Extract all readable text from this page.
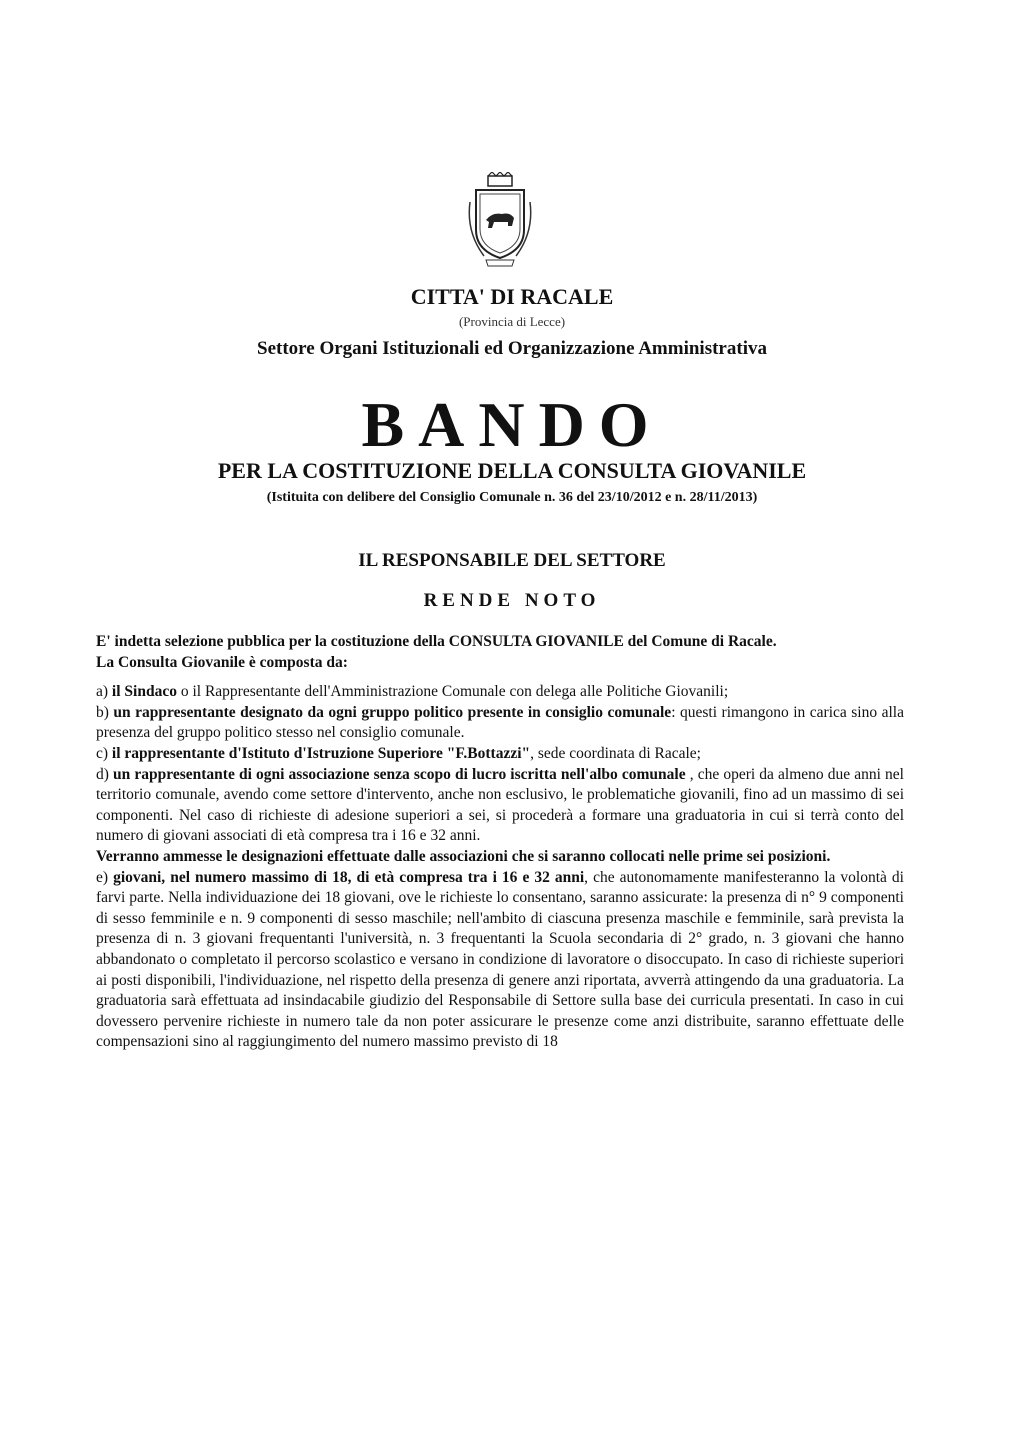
CITTA' DI RACALE
(Provincia di Lecce)
Settore Organi Istituzionali ed Organizzazione Amministrativa
BANDO
PER LA COSTITUZIONE DELLA CONSULTA GIOVANILE
(Istituita con delibere del Consiglio Comunale n. 36 del 23/10/2012 e n. 28/11/2013)
IL RESPONSABILE DEL SETTORE
RENDE NOTO

E' indetta selezione pubblica per la costituzione della CONSULTA GIOVANILE del Comune di Racale.

La Consulta Giovanile è composta da:

a) il Sindaco o il Rappresentante dell'Amministrazione Comunale con delega alle Politiche Giovanili;

b) un rappresentante designato da ogni gruppo politico presente in consiglio comunale: questi rimangono in carica sino alla presenza del gruppo politico stesso nel consiglio comunale.

c) il rappresentante d'Istituto d'Istruzione Superiore "F.Bottazzi", sede coordinata di Racale;

d) un rappresentante di ogni associazione senza scopo di lucro iscritta nell'albo comunale , che operi da almeno due anni nel territorio comunale, avendo come settore d'intervento, anche non esclusivo, le problematiche giovanili, fino ad un massimo di sei componenti. Nel caso di richieste di adesione superiori a sei, si procederà a formare una graduatoria in cui si terrà conto del numero di giovani associati di età compresa tra i 16 e 32 anni.

Verranno ammesse le designazioni effettuate dalle associazioni che si saranno collocati nelle prime sei posizioni.

e) giovani, nel numero massimo di 18, di età compresa tra i 16 e 32 anni, che autonomamente manifesteranno la volontà di farvi parte. Nella individuazione dei 18 giovani, ove le richieste lo consentano, saranno assicurate: la presenza di n° 9 componenti di sesso femminile e n. 9 componenti di sesso maschile; nell'ambito di ciascuna presenza maschile e femminile, sarà prevista la presenza di n. 3 giovani frequentanti l'università, n. 3 frequentanti la Scuola secondaria di 2° grado, n. 3 giovani che hanno abbandonato o completato il percorso scolastico e versano in condizione di lavoratore o disoccupato. In caso di richieste superiori ai posti disponibili, l'individuazione, nel rispetto della presenza di genere anzi riportata, avverrà attingendo da una graduatoria. La graduatoria sarà effettuata ad insindacabile giudizio del Responsabile di Settore sulla base dei curricula presentati. In caso in cui dovessero pervenire richieste in numero tale da non poter assicurare le presenze come anzi distribuite, saranno effettuate delle compensazioni sino al raggiungimento del numero massimo previsto di 18
